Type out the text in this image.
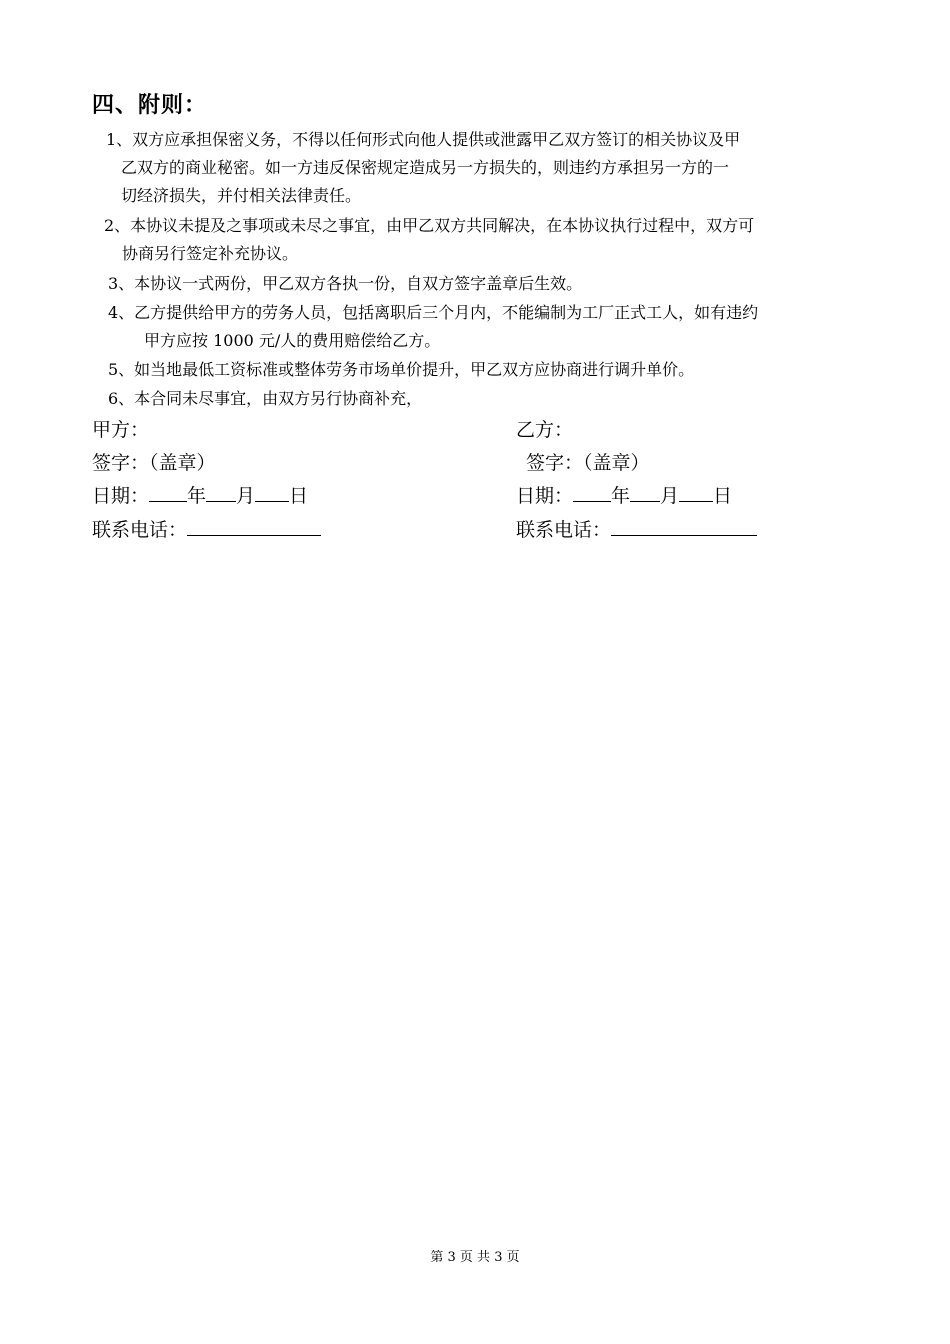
四、附则：

1、双方应承担保密义务，不得以任何形式向他人提供或泄露甲乙双方签订的相关协议及甲
乙双方的商业秘密。如一方违反保密规定造成另一方损失的，则违约方承担另一方的一
切经济损失，并付相关法律责任。

2、本协议未提及之事项或未尽之事宜，由甲乙双方共同解决，在本协议执行过程中，双方可
协商另行签定补充协议。

3、本协议一式两份，甲乙双方各执一份，自双方签字盖章后生效。

4、乙方提供给甲方的劳务人员，包括离职后三个月内，不能编制为工厂正式工人，如有违约
甲方应按 1000 元/人的费用赔偿给乙方。

5、如当地最低工资标准或整体劳务市场单价提升，甲乙双方应协商进行调升单价。

6、本合同未尽事宜，由双方另行协商补充，

甲方：
签字：（盖章）
日期： 年 月 日
联系电话：
乙方：
签字：（盖章）
日期： 年 月 日
联系电话：
第 3 页 共 3 页
